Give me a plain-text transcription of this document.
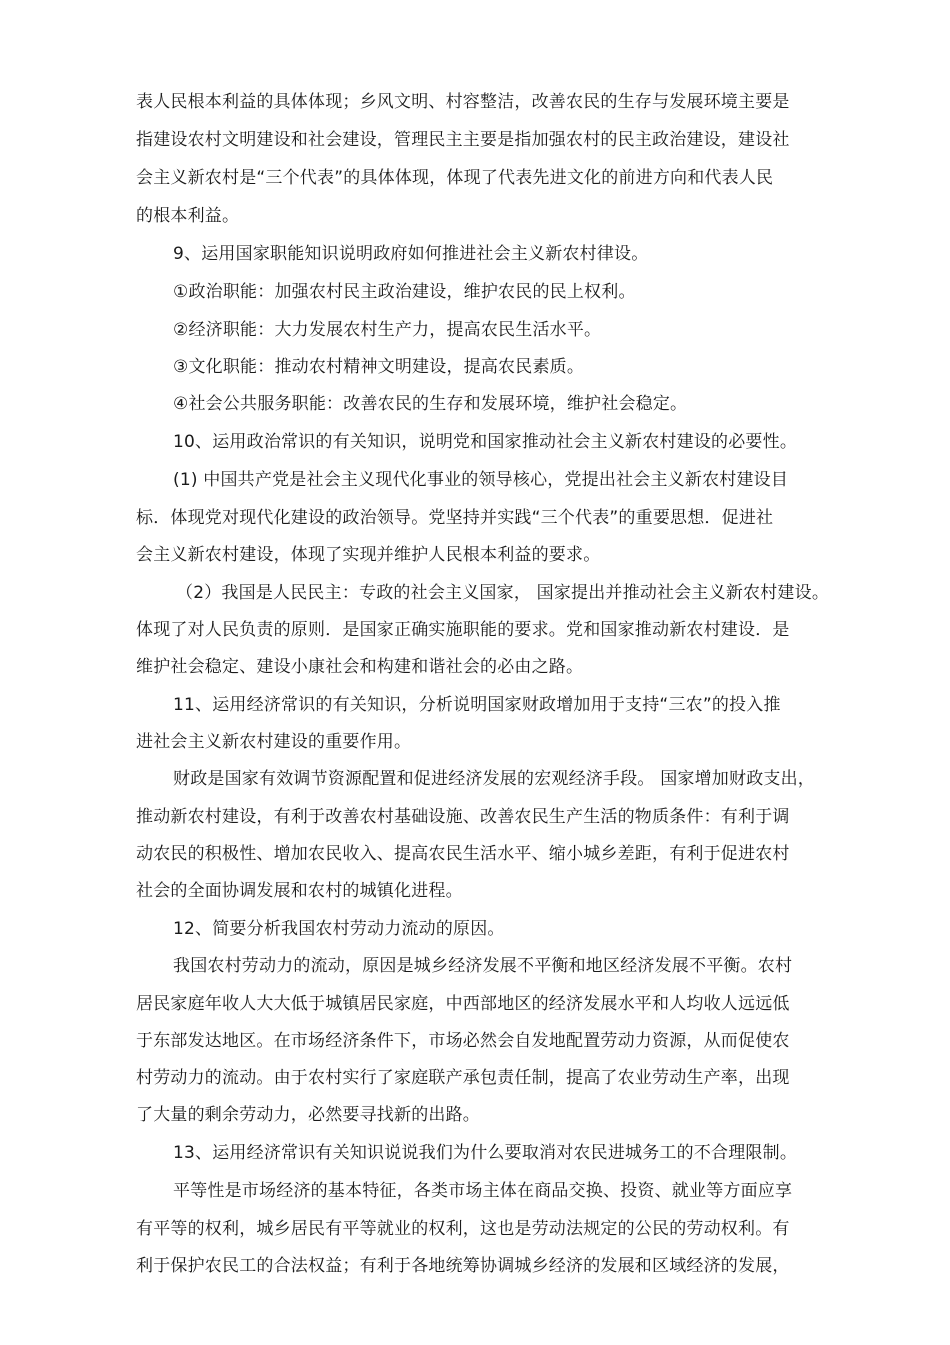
表人民根本利益的具体体现；乡风文明、村容整洁，改善农民的生存与发展环境主要是
指建设农村文明建设和社会建设，管理民主主要是指加强农村的民主政治建设，建设社
会主义新农村是“三个代表”的具体体现，体现了代表先进文化的前进方向和代表人民
的根本利益。
9、运用国家职能知识说明政府如何推进社会主义新农村律设。
①政治职能：加强农村民主政治建设，维护农民的民上权利。
②经济职能：大力发展农村生产力，提高农民生活水平。
③文化职能：推动农村精神文明建设，提高农民素质。
④社会公共服务职能：改善农民的生存和发展环境，维护社会稳定。
10、运用政治常识的有关知识，说明党和国家推动社会主义新农村建设的必要性。
(1) 中国共产党是社会主义现代化事业的领导核心，党提出社会主义新农村建设目
标．体现党对现代化建设的政治领导。党坚持并实践“三个代表”的重要思想．促进社
会主义新农村建设，体现了实现并维护人民根本利益的要求。
（2）我国是人民民主：专政的社会主义国家， 国家提出并推动社会主义新农村建设。
体现了对人民负责的原则．是国家正确实施职能的要求。党和国家推动新农村建设．是
维护社会稳定、建设小康社会和构建和谐社会的必由之路。
11、运用经济常识的有关知识，分析说明国家财政增加用于支持“三农”的投入推
进社会主义新农村建设的重要作用。
财政是国家有效调节资源配置和促进经济发展的宏观经济手段。 国家增加财政支出，
推动新农村建设，有利于改善农村基础设施、改善农民生产生活的物质条件：有利于调
动农民的积极性、增加农民收入、提高农民生活水平、缩小城乡差距，有利于促进农村
社会的全面协调发展和农村的城镇化进程。
12、简要分析我国农村劳动力流动的原因。
我国农村劳动力的流动，原因是城乡经济发展不平衡和地区经济发展不平衡。农村
居民家庭年收人大大低于城镇居民家庭，中西部地区的经济发展水平和人均收人远远低
于东部发达地区。在市场经济条件下，市场必然会自发地配置劳动力资源，从而促使农
村劳动力的流动。由于农村实行了家庭联产承包责任制，提高了农业劳动生产率，出现
了大量的剩余劳动力，必然要寻找新的出路。
13、运用经济常识有关知识说说我们为什么要取消对农民进城务工的不合理限制。
平等性是市场经济的基本特征，各类市场主体在商品交换、投资、就业等方面应享
有平等的权利，城乡居民有平等就业的权利，这也是劳动法规定的公民的劳动权利。有
利于保护农民工的合法权益；有利于各地统筹协调城乡经济的发展和区域经济的发展，
